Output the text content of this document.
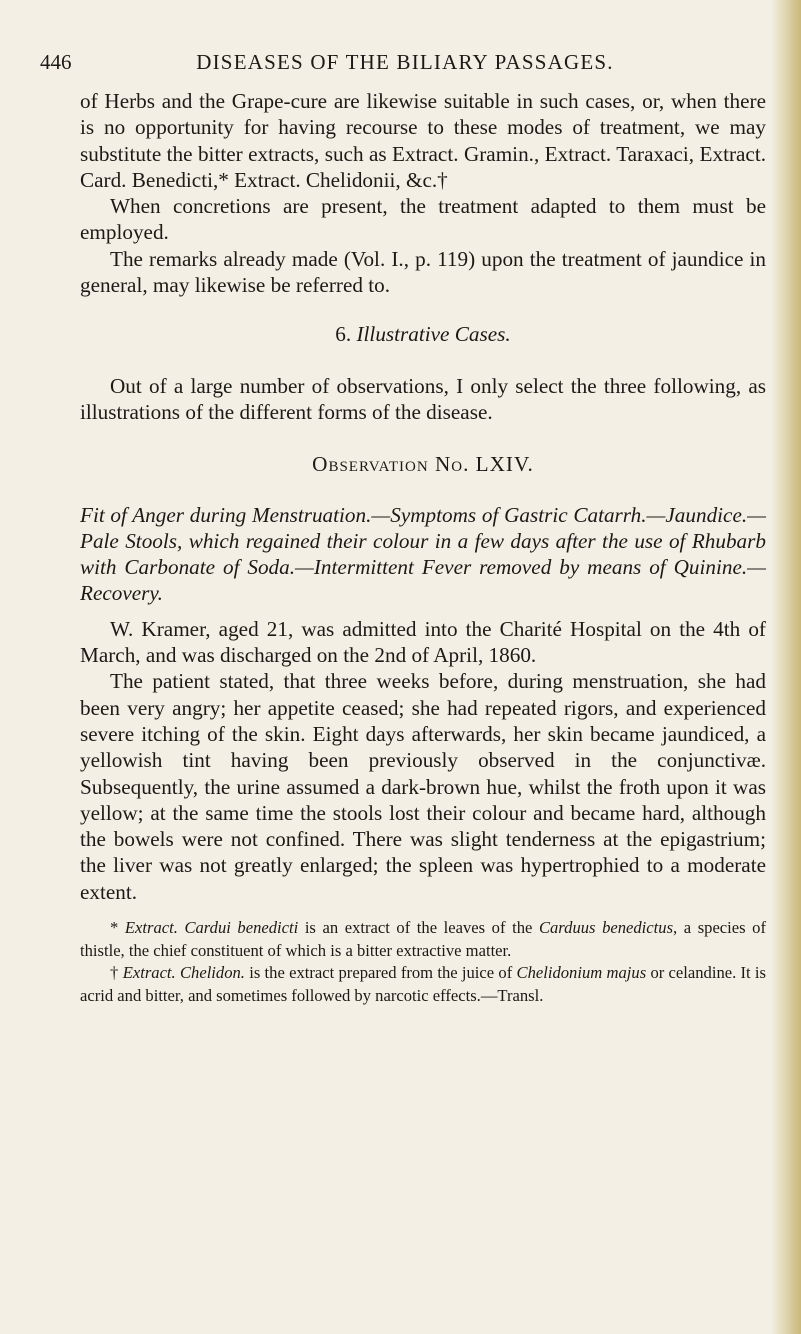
446	DISEASES OF THE BILIARY PASSAGES.

of Herbs and the Grape-cure are likewise suitable in such cases, or, when there is no opportunity for having recourse to these modes of treatment, we may substitute the bitter extracts, such as Extract. Gramin., Extract. Taraxaci, Extract. Card. Benedicti,* Extract. Chelidonii, &c.†

When concretions are present, the treatment adapted to them must be employed.

The remarks already made (Vol. I., p. 119) upon the treatment of jaundice in general, may likewise be referred to.

6. Illustrative Cases.

Out of a large number of observations, I only select the three following, as illustrations of the different forms of the disease.

Observation No. LXIV.

Fit of Anger during Menstruation.—Symptoms of Gastric Catarrh.—Jaundice.—Pale Stools, which regained their colour in a few days after the use of Rhubarb with Carbonate of Soda.—Intermittent Fever removed by means of Quinine.—Recovery.

W. Kramer, aged 21, was admitted into the Charité Hospital on the 4th of March, and was discharged on the 2nd of April, 1860.

The patient stated, that three weeks before, during menstruation, she had been very angry; her appetite ceased; she had repeated rigors, and experienced severe itching of the skin. Eight days afterwards, her skin became jaundiced, a yellowish tint having been previously observed in the conjunctivæ. Subsequently, the urine assumed a dark-brown hue, whilst the froth upon it was yellow; at the same time the stools lost their colour and became hard, although the bowels were not confined. There was slight tenderness at the epigastrium; the liver was not greatly enlarged; the spleen was hypertrophied to a moderate extent.

* Extract. Cardui benedicti is an extract of the leaves of the Carduus benedictus, a species of thistle, the chief constituent of which is a bitter extractive matter.

† Extract. Chelidon. is the extract prepared from the juice of Chelidonium majus or celandine. It is acrid and bitter, and sometimes followed by narcotic effects.—Transl.
